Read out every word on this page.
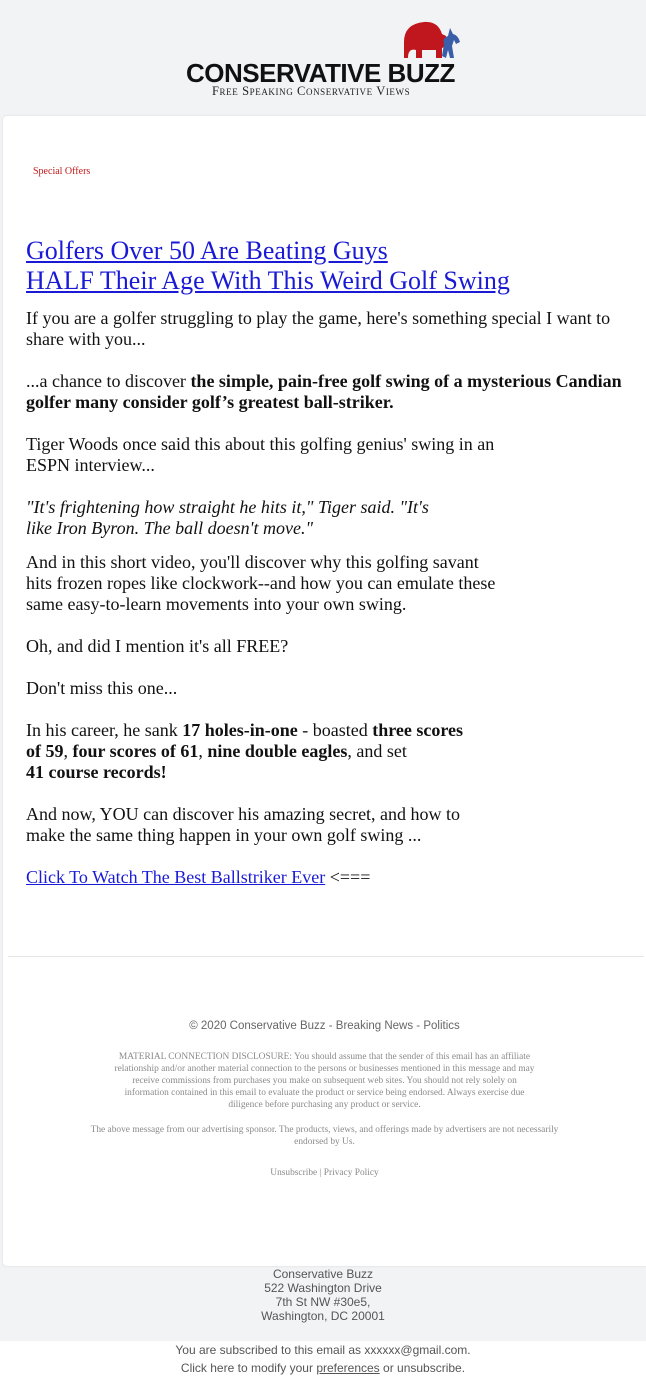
CONSERVATIVE BUZZ
Free Speaking Conservative Views
Special Offers
Golfers Over 50 Are Beating Guys
HALF Their Age With This Weird Golf Swing

If you are a golfer struggling to play the game, here's something special I want to share with you...

...a chance to discover the simple, pain-free golf swing of a mysterious Candian golfer many consider golf’s greatest ball-striker.

Tiger Woods once said this about this golfing genius' swing in an ESPN interview...

"It's frightening how straight he hits it," Tiger said. "It's like Iron Byron. The ball doesn't move."

And in this short video, you'll discover why this golfing savant hits frozen ropes like clockwork--and how you can emulate these same easy-to-learn movements into your own swing.

Oh, and did I mention it's all FREE?

Don't miss this one...

In his career, he sank 17 holes-in-one - boasted three scores of 59, four scores of 61, nine double eagles, and set
41 course records!

And now, YOU can discover his amazing secret, and how to make the same thing happen in your own golf swing ...

Click To Watch The Best Ballstriker Ever <===

© 2020 Conservative Buzz - Breaking News - Politics
MATERIAL CONNECTION DISCLOSURE: You should assume that the sender of this email has an affiliate relationship and/or another material connection to the persons or businesses mentioned in this message and may receive commissions from purchases you make on subsequent web sites. You should not rely solely on information contained in this email to evaluate the product or service being endorsed. Always exercise due diligence before purchasing any product or service.
The above message from our advertising sponsor. The products, views, and offerings made by advertisers are not necessarily endorsed by Us.
Unsubscribe | Privacy Policy
Conservative Buzz
522 Washington Drive
7th St NW #30e5,
Washington, DC 20001
You are subscribed to this email as xxxxxx@gmail.com.
Click here to modify your preferences or unsubscribe.
